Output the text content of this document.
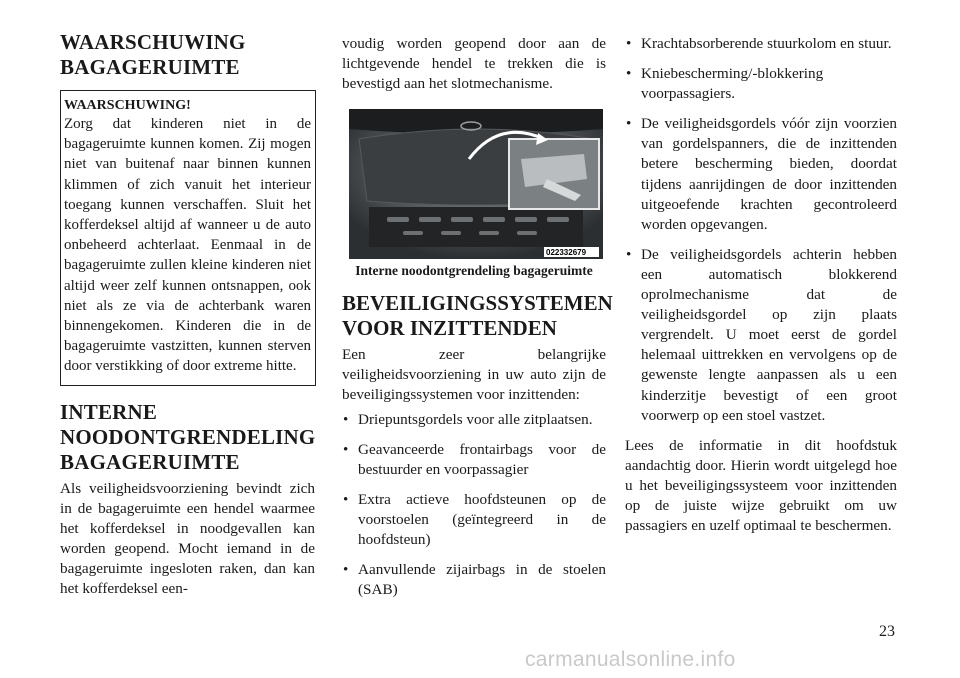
WAARSCHUWING BAGAGERUIMTE
WAARSCHUWING!

Zorg dat kinderen niet in de bagageruimte kunnen komen. Zij mogen niet van buitenaf naar binnen kunnen klimmen of zich vanuit het interieur toegang kunnen verschaffen. Sluit het kofferdeksel altijd af wanneer u de auto onbeheerd achterlaat. Eenmaal in de bagageruimte zullen kleine kinderen niet altijd weer zelf kunnen ontsnappen, ook niet als ze via de achterbank waren binnengekomen. Kinderen die in de bagageruimte vastzitten, kunnen sterven door verstikking of door extreme hitte.

INTERNE NOODONTGRENDELING BAGAGERUIMTE

Als veiligheidsvoorziening bevindt zich in de bagageruimte een hendel waarmee het kofferdeksel in noodgevallen kan worden geopend. Mocht iemand in de bagageruimte ingesloten raken, dan kan het kofferdeksel een-

voudig worden geopend door aan de lichtgevende hendel te trekken die is bevestigd aan het slotmechanisme.

022332679
Interne noodontgrendeling bagageruimte
BEVEILIGINGSSYSTEMEN VOOR INZITTENDEN

Een zeer belangrijke veiligheidsvoorziening in uw auto zijn de beveiligingssystemen voor inzittenden:

• Driepuntsgordels voor alle zitplaatsen.
• Geavanceerde frontairbags voor de bestuurder en voorpassagier
• Extra actieve hoofdsteunen op de voorstoelen (geïntegreerd in de hoofdsteun)
• Aanvullende zijairbags in de stoelen (SAB)
• Krachtabsorberende stuurkolom en stuur.
• Kniebescherming/-blokkering voorpassagiers.
• De veiligheidsgordels vóór zijn voorzien van gordelspanners, die de inzittenden betere bescherming bieden, doordat tijdens aanrijdingen de door inzittenden uitgeoefende krachten gecontroleerd worden opgevangen.
• De veiligheidsgordels achterin hebben een automatisch blokkerend oprolmechanisme dat de veiligheidsgordel op zijn plaats vergrendelt. U moet eerst de gordel helemaal uittrekken en vervolgens op de gewenste lengte aanpassen als u een kinderzitje bevestigt of een groot voorwerp op een stoel vastzet.

Lees de informatie in dit hoofdstuk aandachtig door. Hierin wordt uitgelegd hoe u het beveiligingssysteem voor inzittenden op de juiste wijze gebruikt om uw passagiers en uzelf optimaal te beschermen.

23
carmanualsonline.info
